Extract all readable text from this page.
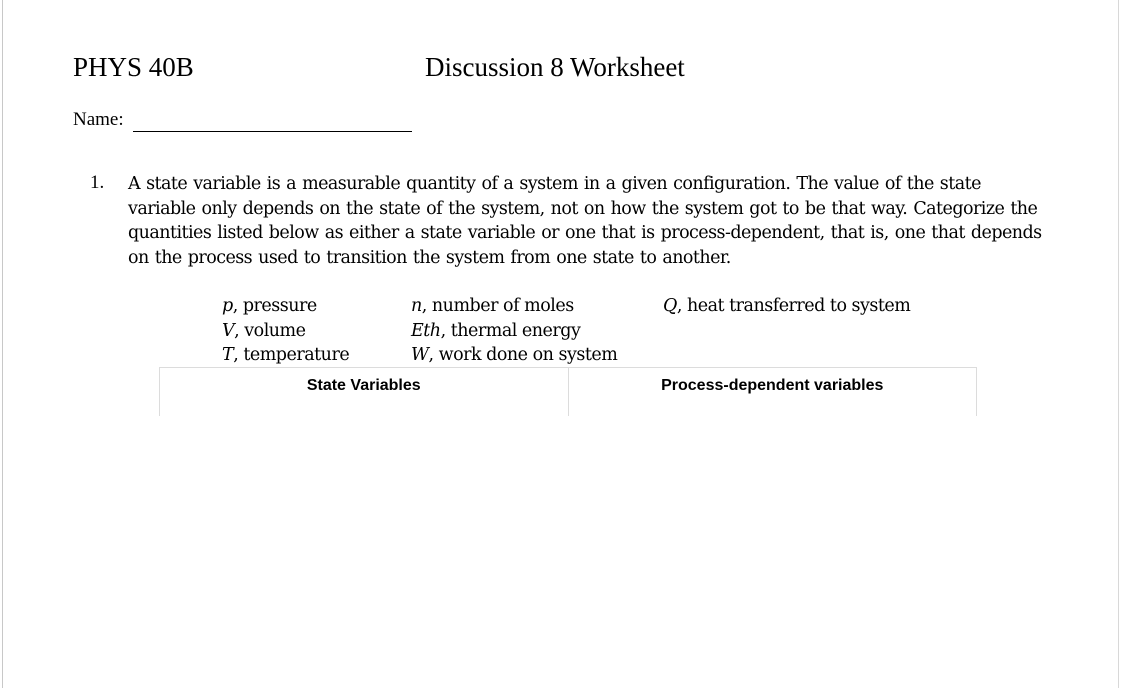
PHYS 40B	Discussion 8 Worksheet
Name:
1. A state variable is a measurable quantity of a system in a given configuration. The value of the state variable only depends on the state of the system, not on how the system got to be that way. Categorize the quantities listed below as either a state variable or one that is process-dependent, that is, one that depends on the process used to transition the system from one state to another.
p, pressure
V, volume
T, temperature
n, number of moles
Eth, thermal energy
W, work done on system
Q, heat transferred to system
State Variables	Process-dependent variables
